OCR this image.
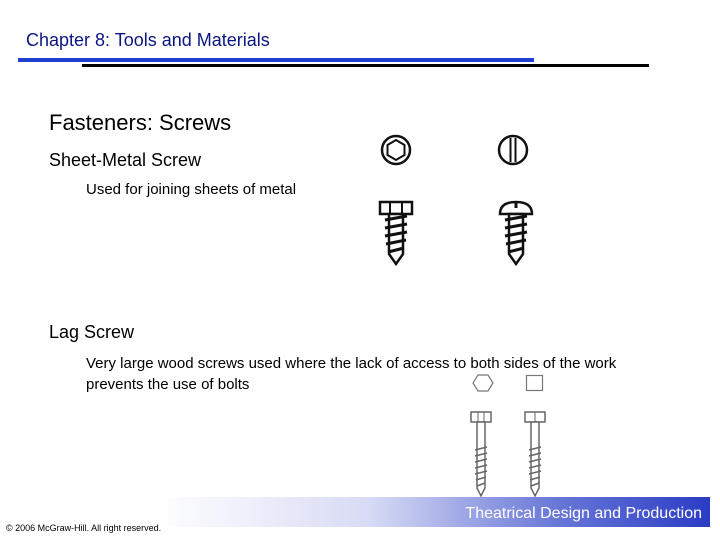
Chapter 8: Tools and Materials
Fasteners: Screws
Sheet-Metal Screw
Used for joining sheets of metal
Lag Screw
Very large wood screws used where the lack of access to both sides of the work prevents the use of bolts
Theatrical Design and Production
© 2006 McGraw-Hill. All right reserved.
